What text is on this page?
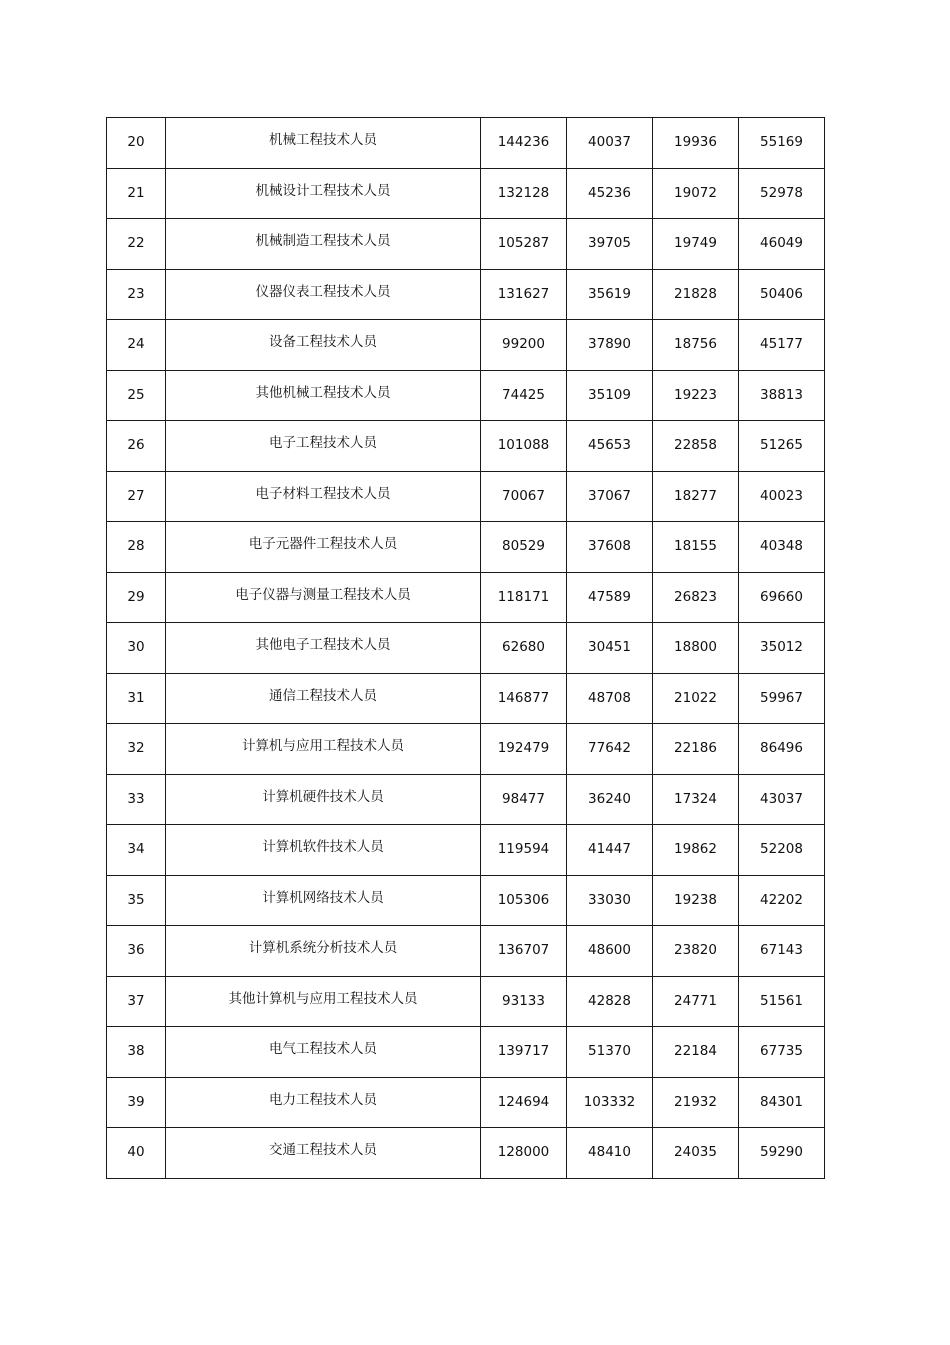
20	机械工程技术人员	144236	40037	19936	55169
21	机械设计工程技术人员	132128	45236	19072	52978
22	机械制造工程技术人员	105287	39705	19749	46049
23	仪器仪表工程技术人员	131627	35619	21828	50406
24	设备工程技术人员	99200	37890	18756	45177
25	其他机械工程技术人员	74425	35109	19223	38813
26	电子工程技术人员	101088	45653	22858	51265
27	电子材料工程技术人员	70067	37067	18277	40023
28	电子元器件工程技术人员	80529	37608	18155	40348
29	电子仪器与测量工程技术人员	118171	47589	26823	69660
30	其他电子工程技术人员	62680	30451	18800	35012
31	通信工程技术人员	146877	48708	21022	59967
32	计算机与应用工程技术人员	192479	77642	22186	86496
33	计算机硬件技术人员	98477	36240	17324	43037
34	计算机软件技术人员	119594	41447	19862	52208
35	计算机网络技术人员	105306	33030	19238	42202
36	计算机系统分析技术人员	136707	48600	23820	67143
37	其他计算机与应用工程技术人员	93133	42828	24771	51561
38	电气工程技术人员	139717	51370	22184	67735
39	电力工程技术人员	124694	103332	21932	84301
40	交通工程技术人员	128000	48410	24035	59290
